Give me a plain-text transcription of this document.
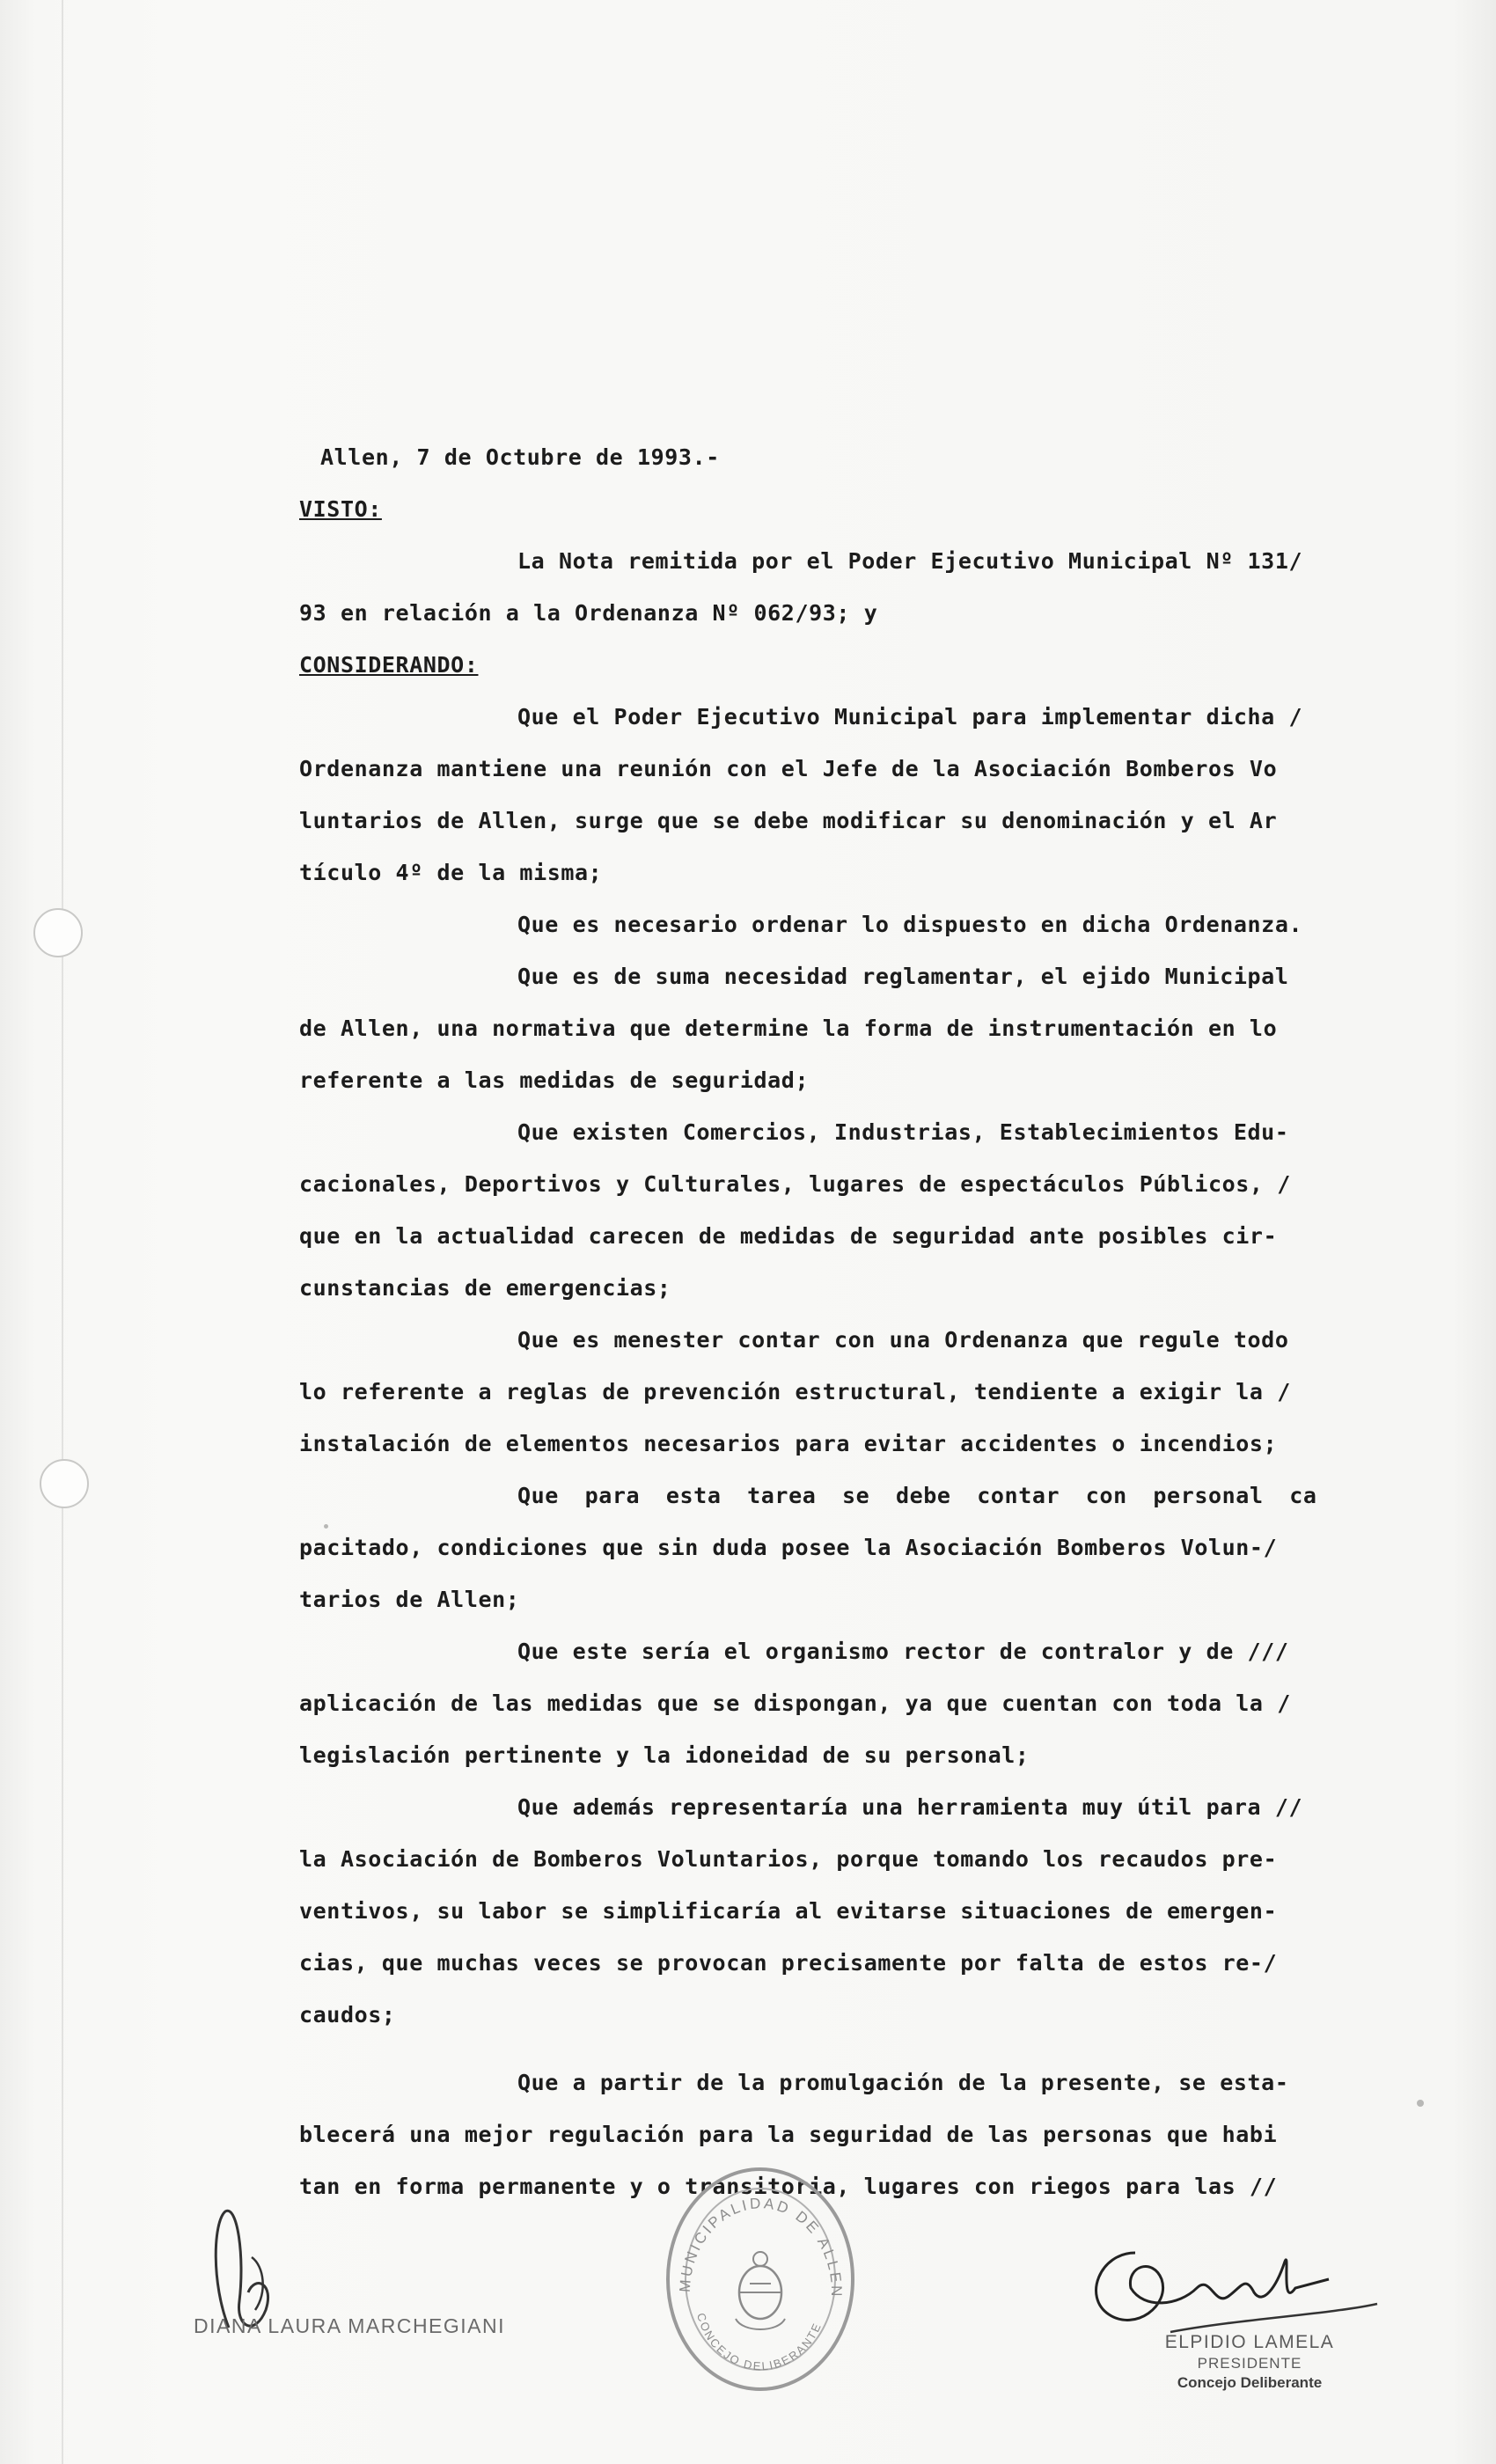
Allen, 7 de Octubre de 1993.-
VISTO:
La Nota remitida por el Poder Ejecutivo Municipal Nº 131/
93 en relación a la Ordenanza Nº 062/93; y
CONSIDERANDO:
Que el Poder Ejecutivo Municipal para implementar dicha /
Ordenanza mantiene una reunión con el Jefe de la Asociación Bomberos Vo
luntarios de Allen, surge que se debe modificar su denominación y el Ar
tículo 4º de la misma;
Que es necesario ordenar lo dispuesto en dicha Ordenanza.
Que es de suma necesidad reglamentar, el ejido Municipal
de Allen, una normativa que determine la forma de instrumentación en lo
referente a las medidas de seguridad;
Que existen Comercios, Industrias, Establecimientos Edu-
cacionales, Deportivos y Culturales, lugares de espectáculos Públicos, /
que en la actualidad carecen de medidas de seguridad ante posibles cir-
cunstancias de emergencias;
Que es menester contar con una Ordenanza que regule todo
lo referente a reglas de prevención estructural, tendiente a exigir la /
instalación de elementos necesarios para evitar accidentes o incendios;
Que para esta tarea se debe contar con personal ca
pacitado, condiciones que sin duda posee la Asociación Bomberos Volun-/
tarios de Allen;
Que este sería el organismo rector de contralor y de ///
aplicación de las medidas que se dispongan, ya que cuentan con toda la /
legislación pertinente y la idoneidad de su personal;
Que además representaría una herramienta muy útil para //
la Asociación de Bomberos Voluntarios, porque tomando los recaudos pre-
ventivos, su labor se simplificaría al evitarse situaciones de emergen-
cias, que muchas veces se provocan precisamente por falta de estos re-/
caudos;
Que a partir de la promulgación de la presente, se esta-
blecerá una mejor regulación para la seguridad de las personas que habi
tan en forma permanente y o transitoria, lugares con riegos para las //
DIANA LAURA MARCHEGIANI
MUNICIPALIDAD DE ALLEN
CONCEJO DELIBERANTE
ELPIDIO LAMELA
PRESIDENTE
Concejo Deliberante
